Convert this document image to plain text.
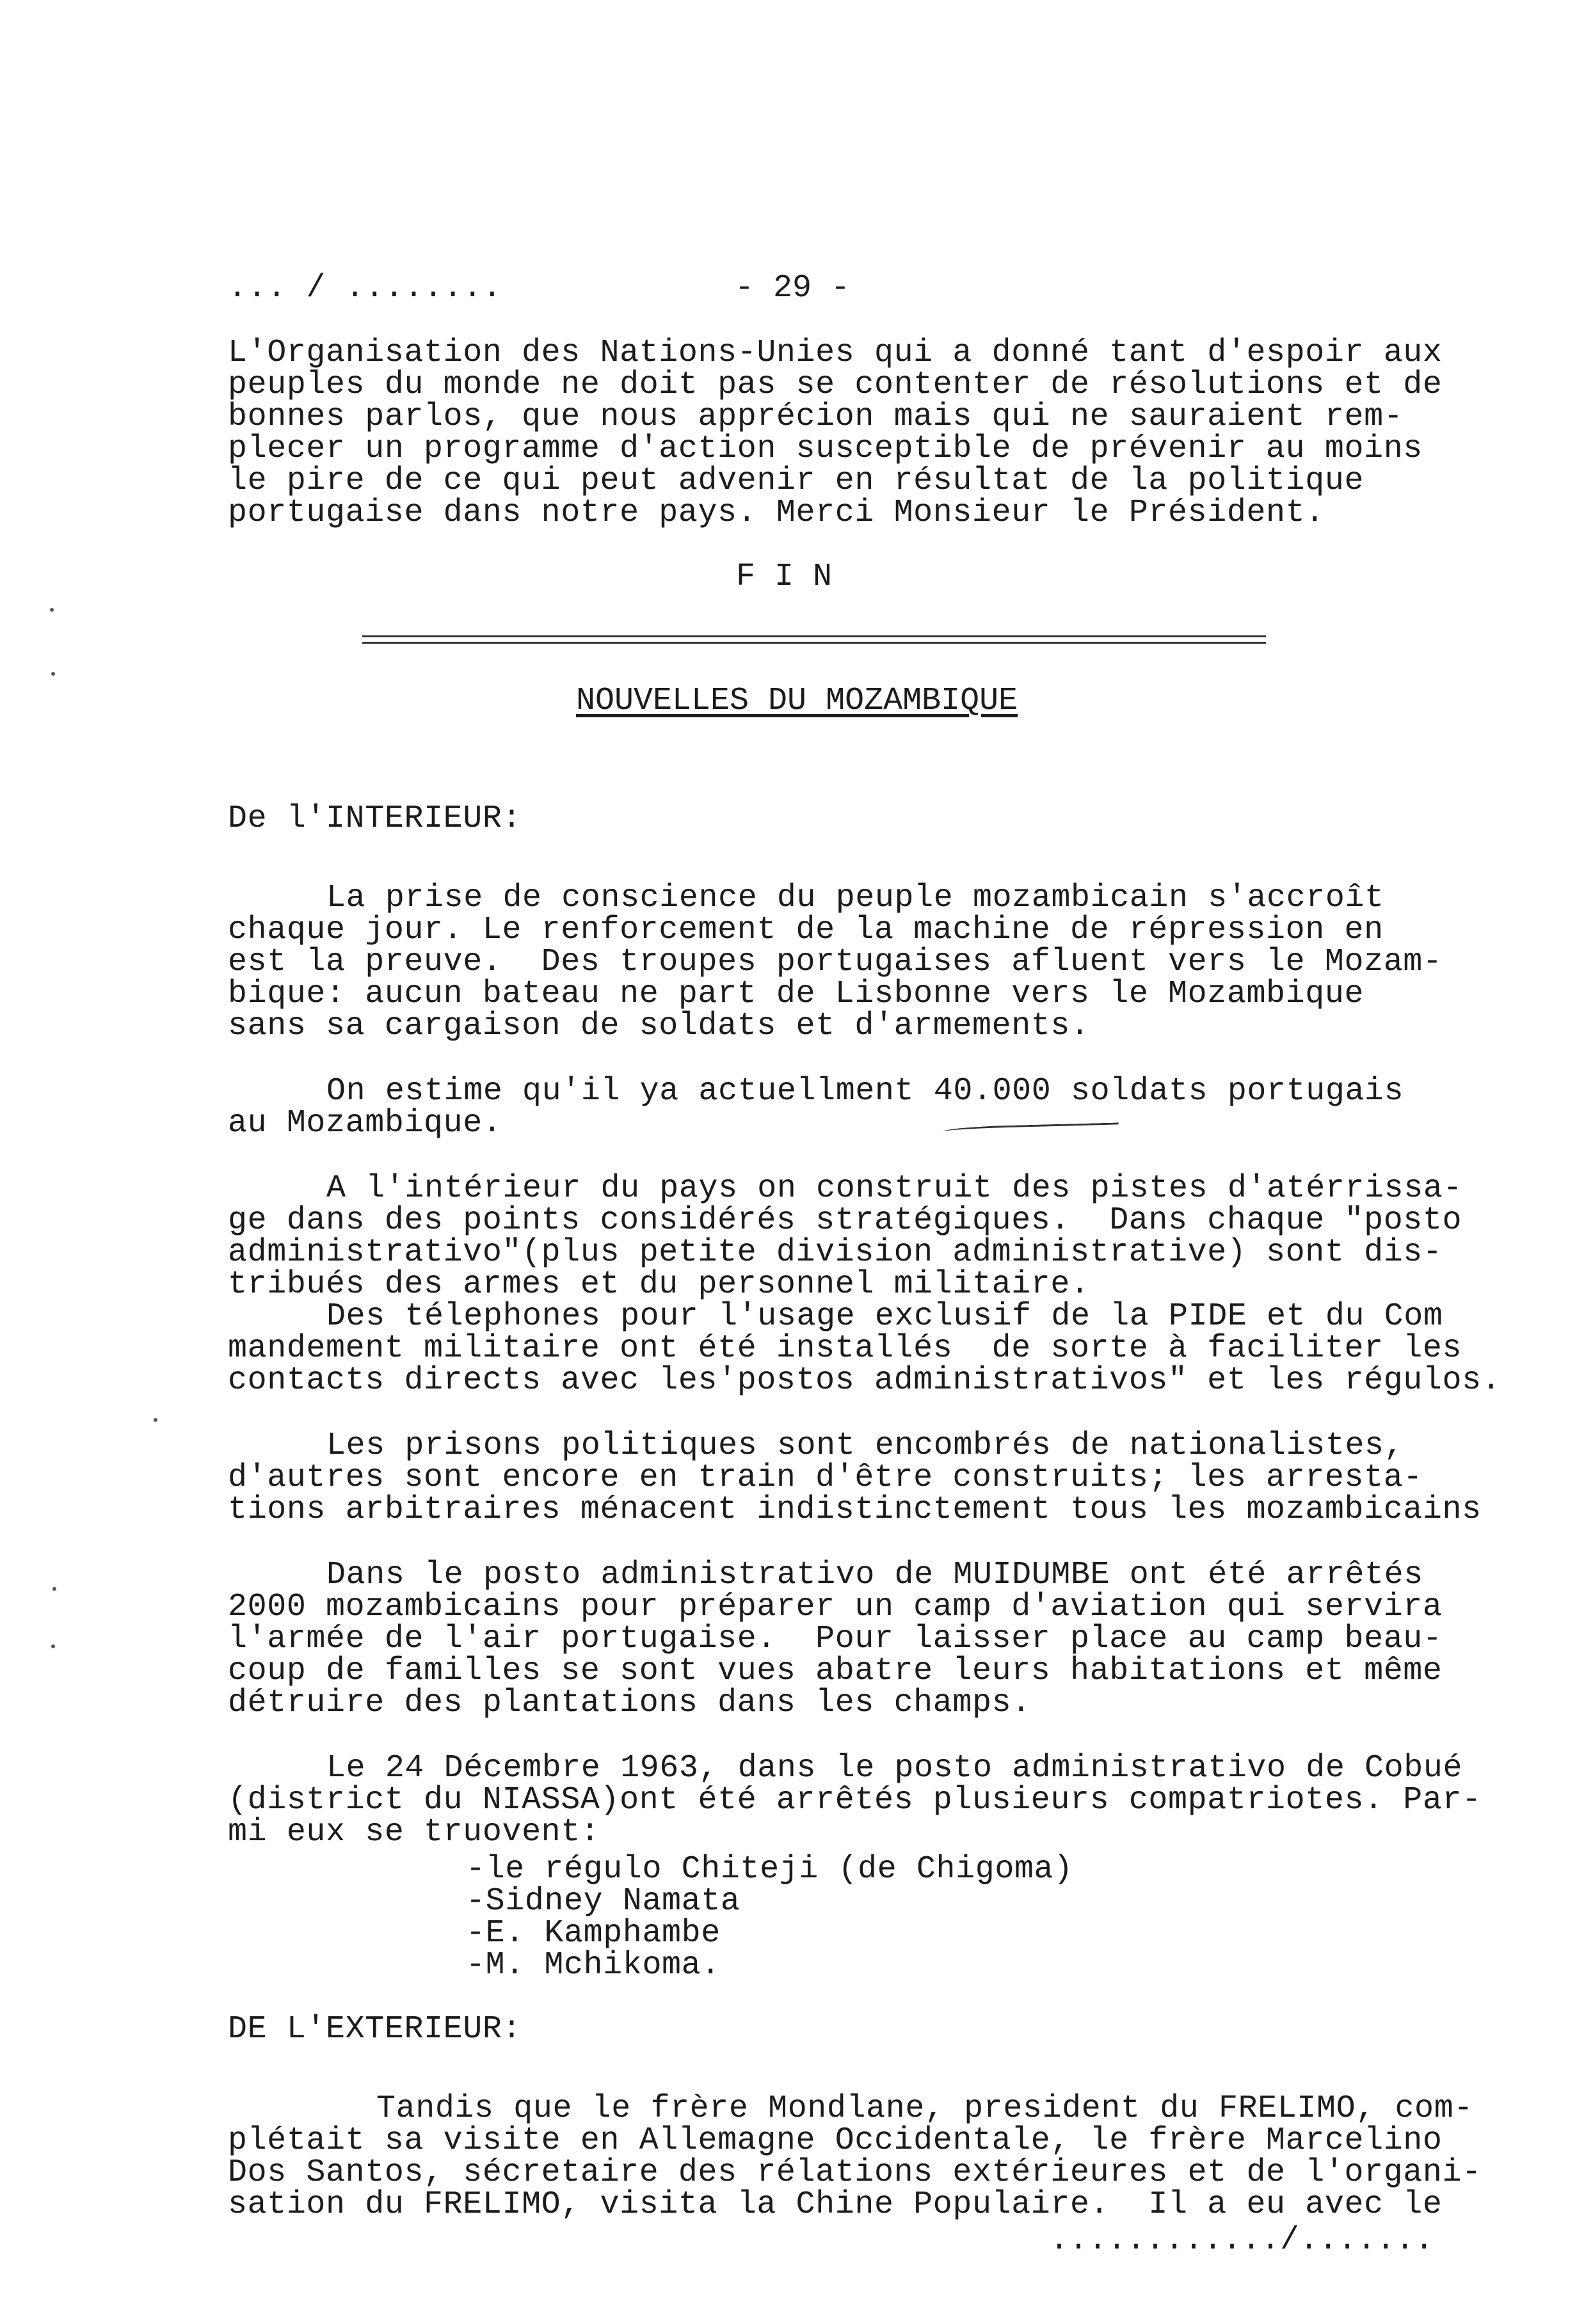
... / ........	- 29 -
L'Organisation des Nations-Unies qui a donné tant d'espoir aux
peuples du monde ne doit pas se contenter de résolutions et de
bonnes parlos, que nous apprécion mais qui ne sauraient rem-
plecer un programme d'action susceptible de prévenir au moins
le pire de ce qui peut advenir en résultat de la politique
portugaise dans notre pays. Merci Monsieur le Président.
F I N
NOUVELLES DU MOZAMBIQUE
De l'INTERIEUR:
La prise de conscience du peuple mozambicain s'accroît
chaque jour. Le renforcement de la machine de répression en
est la preuve.  Des troupes portugaises afluent vers le Mozam-
bique: aucun bateau ne part de Lisbonne vers le Mozambique
sans sa cargaison de soldats et d'armements.
On estime qu'il ya actuellment 40.000 soldats portugais
au Mozambique.
A l'intérieur du pays on construit des pistes d'atérrissa-
ge dans des points considérés stratégiques.  Dans chaque "posto
administrativo"(plus petite division administrative) sont dis-
tribués des armes et du personnel militaire.
Des télephones pour l'usage exclusif de la PIDE et du Com
mandement militaire ont été installés  de sorte à faciliter les
contacts directs avec les'postos administrativos" et les régulos.
Les prisons politiques sont encombrés de nationalistes,
d'autres sont encore en train d'être construits; les arresta-
tions arbitraires ménacent indistinctement tous les mozambicains
Dans le posto administrativo de MUIDUMBE ont été arrêtés
2000 mozambicains pour préparer un camp d'aviation qui servira
l'armée de l'air portugaise.  Pour laisser place au camp beau-
coup de familles se sont vues abatre leurs habitations et même
détruire des plantations dans les champs.
Le 24 Décembre 1963, dans le posto administrativo de Cobué
(district du NIASSA)ont été arrêtés plusieurs compatriotes. Par-
mi eux se truovent:
-le régulo Chiteji (de Chigoma)
-Sidney Namata
-E. Kamphambe
-M. Mchikoma.
DE L'EXTERIEUR:
Tandis que le frère Mondlane, president du FRELIMO, com-
plétait sa visite en Allemagne Occidentale, le frère Marcelino
Dos Santos, sécretaire des rélations extérieures et de l'organi-
sation du FRELIMO, visita la Chine Populaire.  Il a eu avec le
............/.......
